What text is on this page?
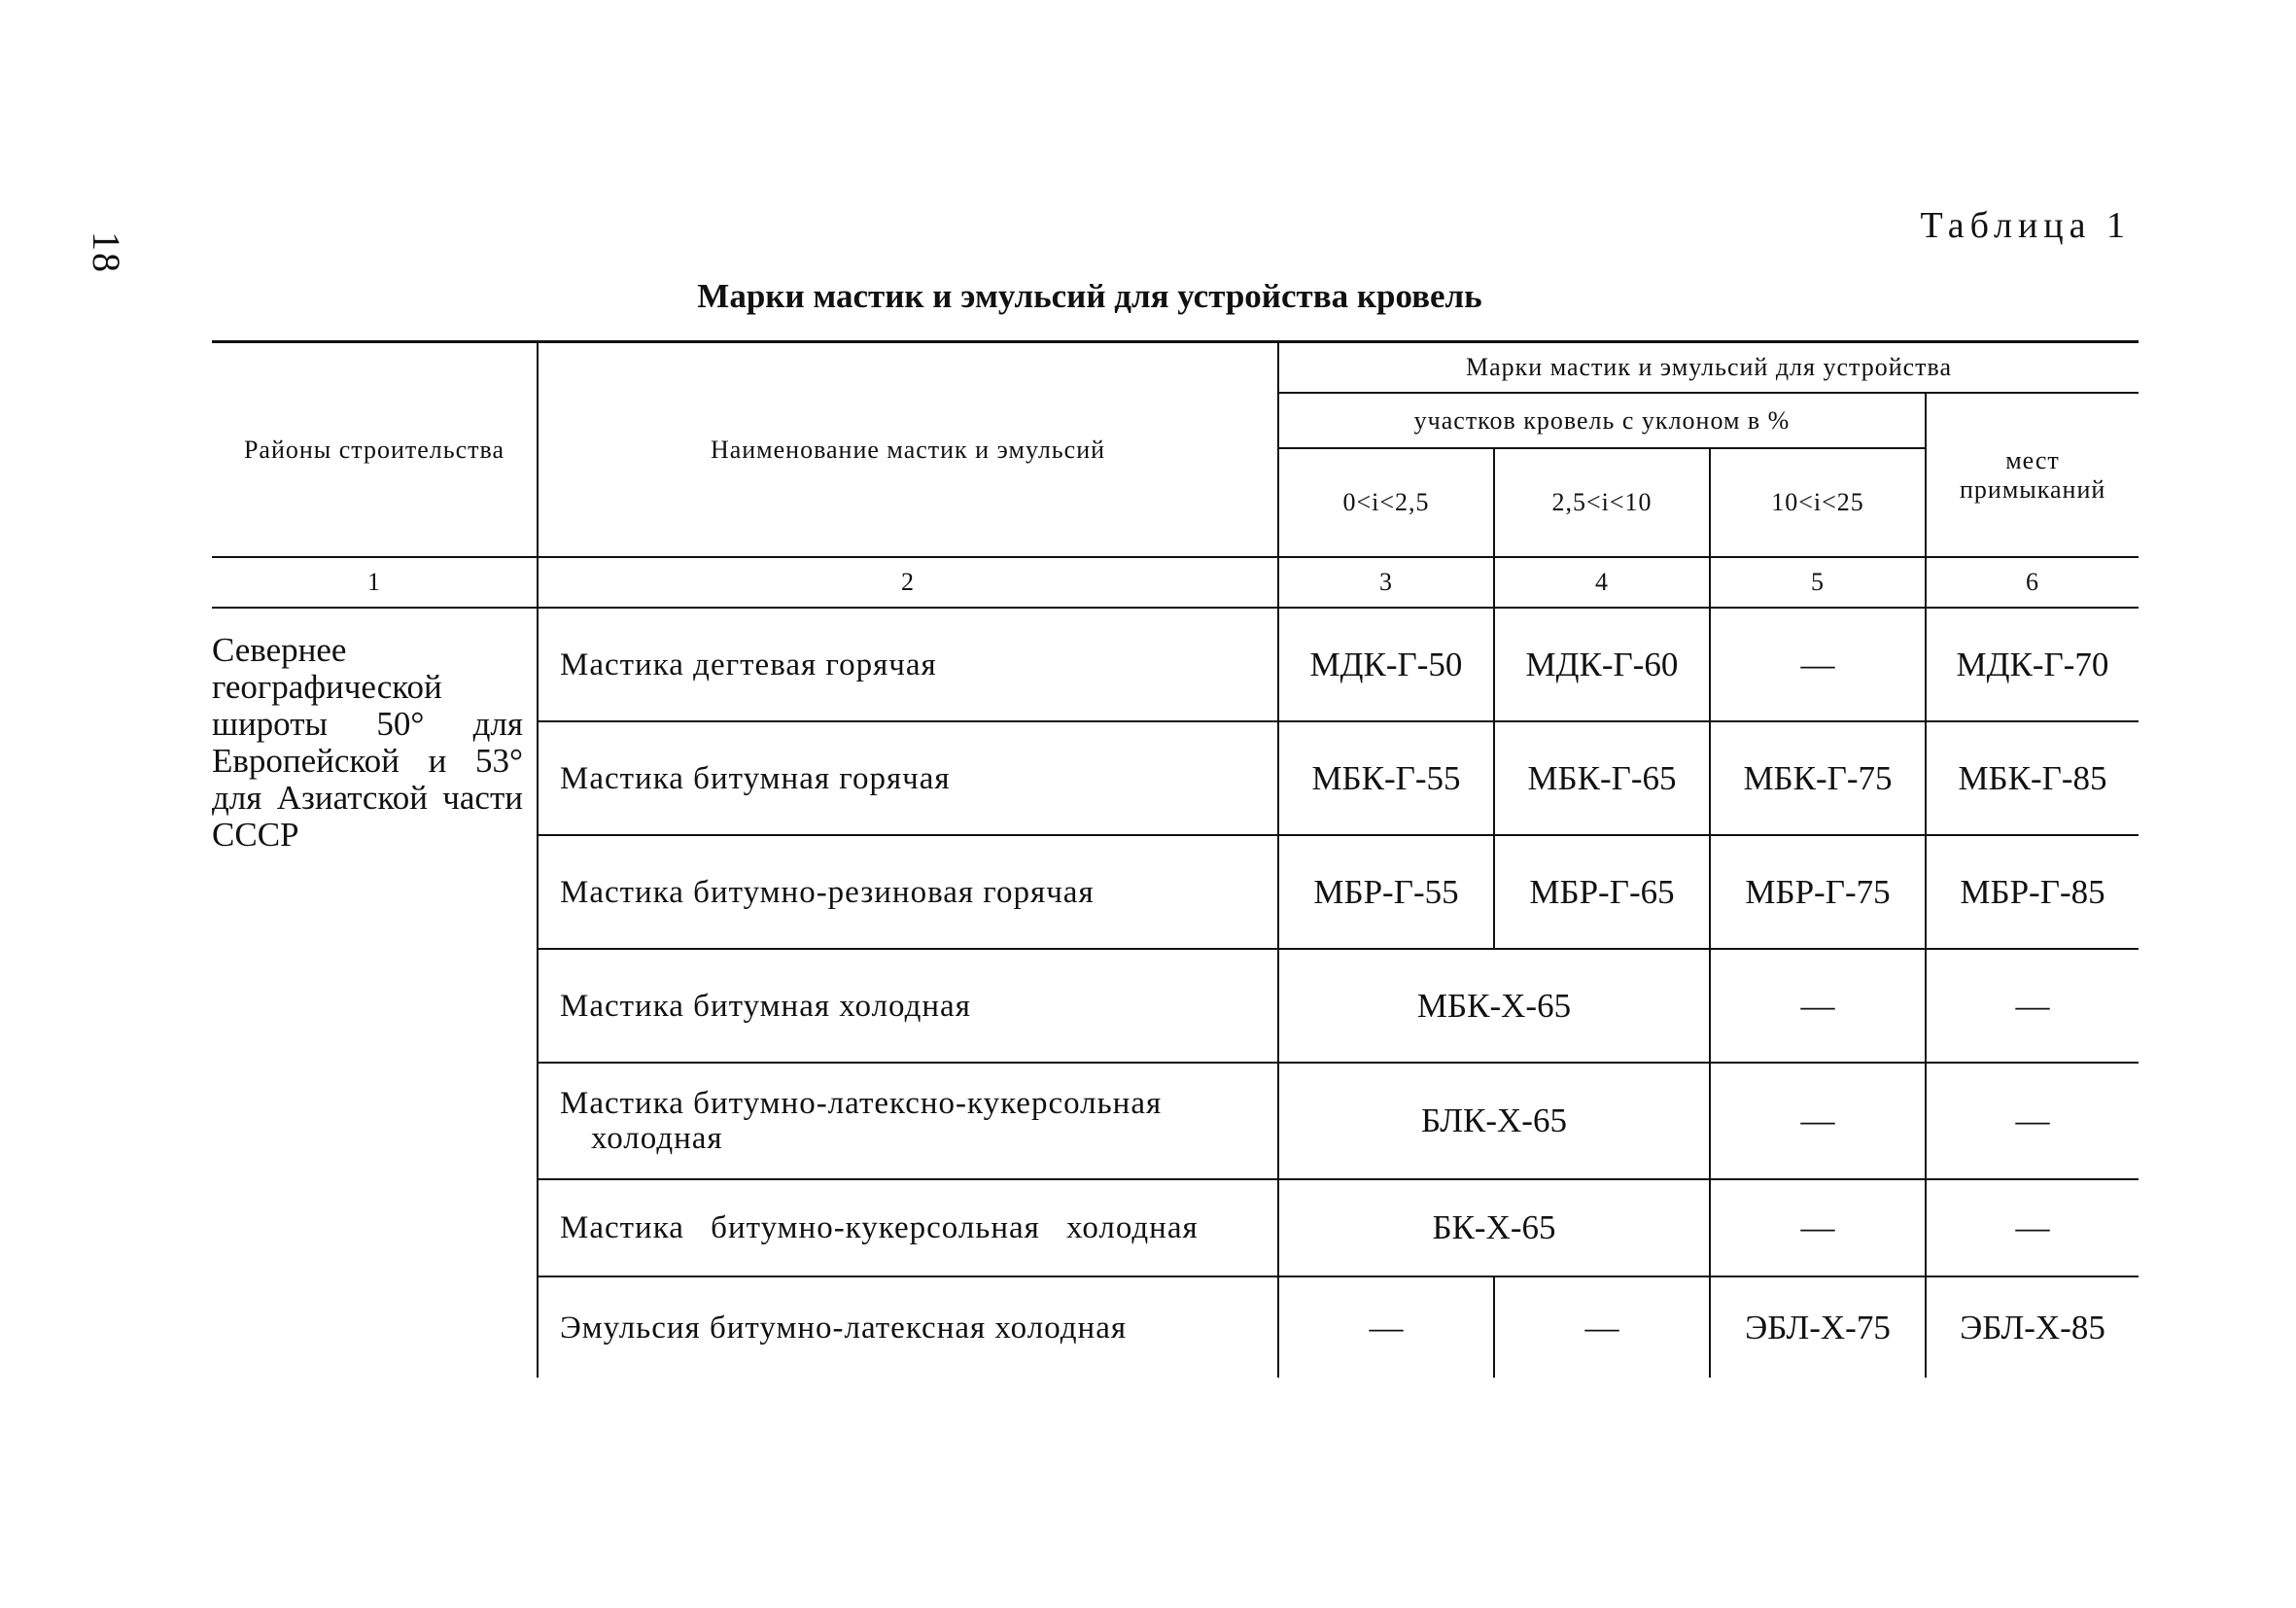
18
Таблица 1
Марки мастик и эмульсий для устройства кровель
Районы строительства	Наименование мастик и эмульсий	Марки мастик и эмульсий для устройства			
		участков кровель с уклоном в %			мест примыканий
		0<i<2,5	2,5<i<10	10<i<25	
1	2	3	4	5	6

Севернее географической широты 50° для Европейской и 53° для Азиатской части СССР	Мастика дегтевая горячая	МДК-Г-50	МДК-Г-60	—	МДК-Г-70
	Мастика битумная горячая	МБК-Г-55	МБК-Г-65	МБК-Г-75	МБК-Г-85
	Мастика битумно-резиновая горячая	МБР-Г-55	МБР-Г-65	МБР-Г-75	МБР-Г-85
	Мастика битумная холодная	МБК-Х-65		—	—

	Мастика битумно-латексно-кукерсольная
холодная	БЛК-Х-65		—	—
	Мастика битумно-кукерсольная холодная	БК-Х-65		—	—
	Эмульсия битумно-латексная холодная	—	—	ЭБЛ-Х-75	ЭБЛ-Х-85
